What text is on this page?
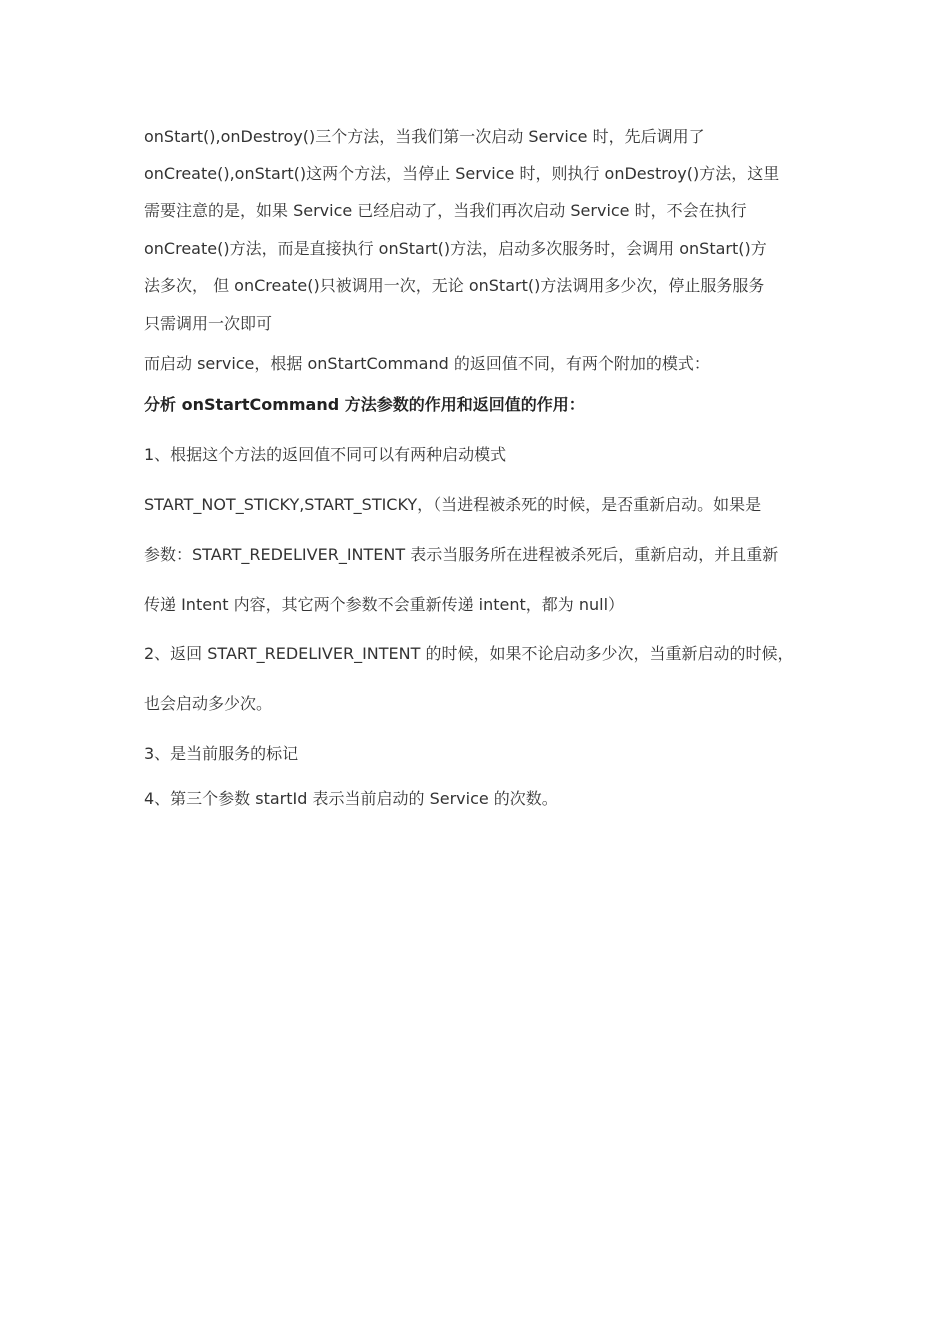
onStart(),onDestroy()三个方法，当我们第一次启动 Service 时，先后调用了
onCreate(),onStart()这两个方法，当停止 Service 时，则执行 onDestroy()方法，这里
需要注意的是，如果 Service 已经启动了，当我们再次启动 Service 时，不会在执行
onCreate()方法，而是直接执行 onStart()方法，启动多次服务时，会调用 onStart()方
法多次， 但 onCreate()只被调用一次，无论 onStart()方法调用多少次，停止服务服务
只需调用一次即可
而启动 service，根据 onStartCommand 的返回值不同，有两个附加的模式：
分析 onStartCommand 方法参数的作用和返回值的作用：
1、根据这个方法的返回值不同可以有两种启动模式
START_NOT_STICKY,START_STICKY，（当进程被杀死的时候，是否重新启动。如果是
参数：START_REDELIVER_INTENT 表示当服务所在进程被杀死后，重新启动，并且重新
传递 Intent 内容，其它两个参数不会重新传递 intent，都为 null）
2、返回 START_REDELIVER_INTENT 的时候，如果不论启动多少次，当重新启动的时候，
也会启动多少次。
3、是当前服务的标记
4、第三个参数 startId 表示当前启动的 Service 的次数。
